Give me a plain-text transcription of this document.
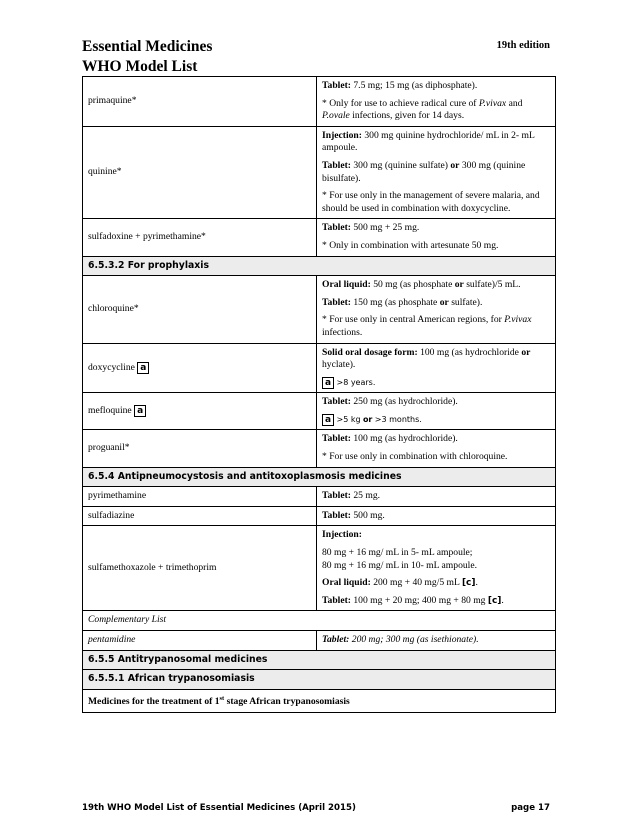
Essential Medicines
WHO Model List
19th edition
primaquine*	Tablet: 7.5 mg; 15 mg (as diphosphate).

* Only for use to achieve radical cure of P.vivax and P.ovale infections, given for 14 days.

quinine*	Injection: 300 mg quinine hydrochloride/ mL in 2- mL ampoule.

Tablet: 300 mg (quinine sulfate) or 300 mg (quinine bisulfate).

* For use only in the management of severe malaria, and should be used in combination with doxycycline.

sulfadoxine + pyrimethamine*	Tablet: 500 mg + 25 mg.

* Only in combination with artesunate 50 mg.

6.5.3.2 For prophylaxis	
chloroquine*	Oral liquid: 50 mg (as phosphate or sulfate)/5 mL.

Tablet: 150 mg (as phosphate or sulfate).

* For use only in central American regions, for P.vivax infections.

doxycycline a	Solid oral dosage form: 100 mg (as hydrochloride or hyclate).

a >8 years.

mefloquine a	Tablet: 250 mg (as hydrochloride).

a >5 kg or >3 months.

proguanil*	Tablet: 100 mg (as hydrochloride).

* For use only in combination with chloroquine.

6.5.4 Antipneumocystosis and antitoxoplasmosis medicines	
pyrimethamine	Tablet: 25 mg.

sulfadiazine	Tablet: 500 mg.

sulfamethoxazole + trimethoprim	Injection:

80 mg + 16 mg/ mL in 5- mL ampoule;
80 mg + 16 mg/ mL in 10- mL ampoule.

Oral liquid: 200 mg + 40 mg/5 mL [c].

Tablet: 100 mg + 20 mg; 400 mg + 80 mg [c].

Complementary List	
pentamidine	Tablet: 200 mg; 300 mg (as isethionate).

6.5.5 Antitrypanosomal medicines	
6.5.5.1 African trypanosomiasis	
Medicines for the treatment of 1st stage African trypanosomiasis	
19th WHO Model List of Essential Medicines (April 2015)	page 17
